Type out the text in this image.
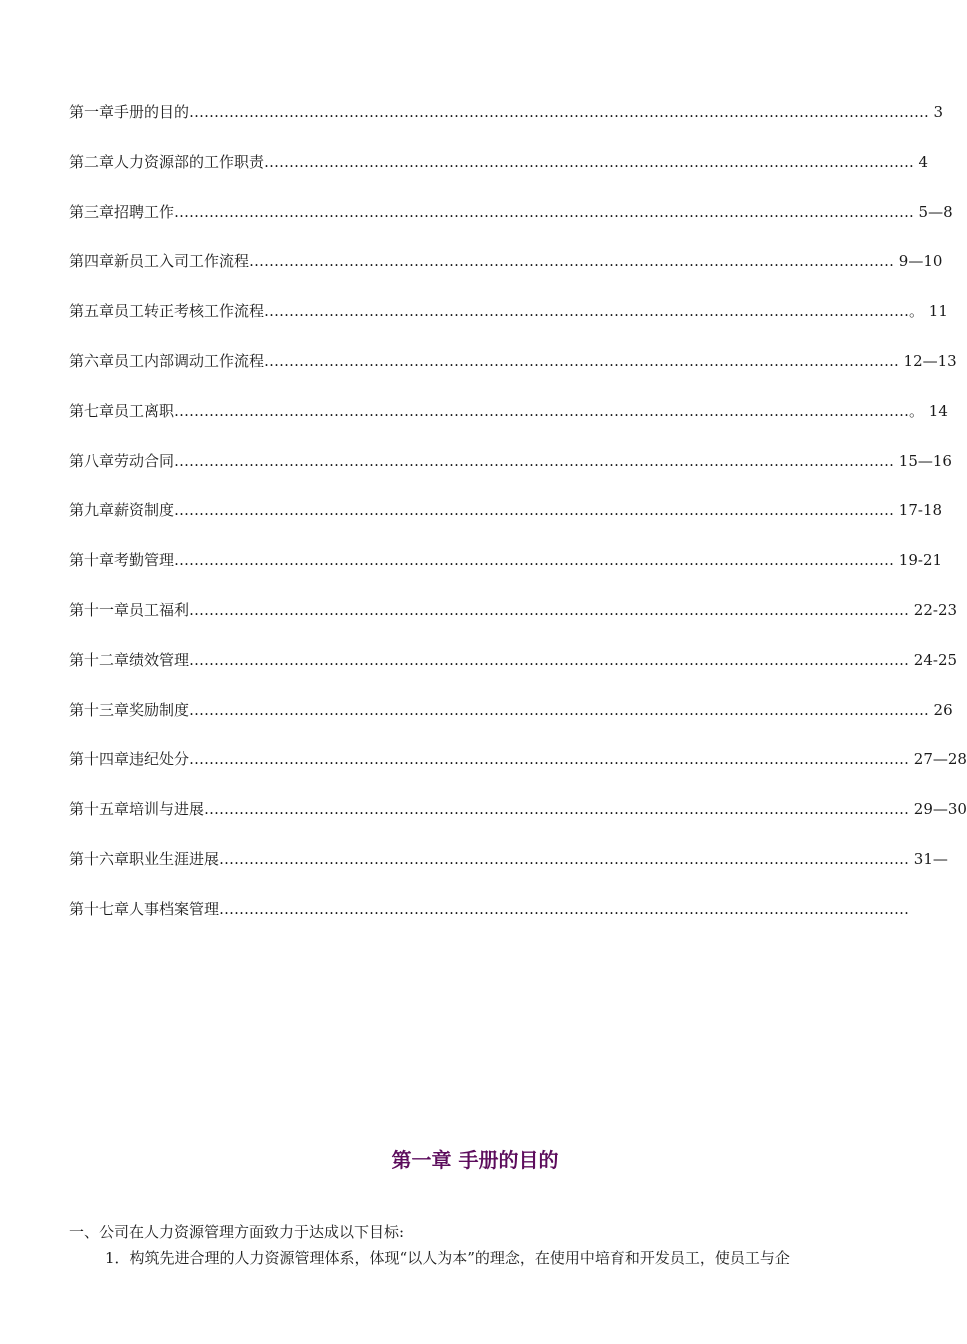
第一章手册的目的…………………………………………………………………………………………………………………………………. 3
第二章人力资源部的工作职责…………………………………………………………………………………………………………………. 4
第三章招聘工作…………………………………………………………………………………………………………………………………. 5—8
第四章新员工入司工作流程………………………………………………………………………………………………………………… 9—10
第五章员工转正考核工作流程…………………………………………………………………………………………………………………。 11
第六章员工内部调动工作流程………………………………………………………………………………………………………………. 12—13
第七章员工离职…………………………………………………………………………………………………………………………………。 14
第八章劳动合同……………………………………………………………………………………………………………………………… 15—16
第九章薪资制度……………………………………………………………………………………………………………………………… 17-18
第十章考勤管理……………………………………………………………………………………………………………………………… 19-21
第十一章员工福利……………………………………………………………………………………………………………………………… 22-23
第十二章绩效管理……………………………………………………………………………………………………………………………… 24-25
第十三章奖励制度…………………………………………………………………………………………………………………………………. 26
第十四章违纪处分……………………………………………………………………………………………………………………………… 27—28
第十五章培训与进展…………………………………………………………………………………………………………………………… 29—30
第十六章职业生涯进展………………………………………………………………………………………………………………………… 31—
第十七章人事档案管理…………………………………………………………………………………………………………………………
第一章 手册的目的
一、公司在人力资源管理方面致力于达成以下目标:
1．构筑先进合理的人力资源管理体系，体现“以人为本”的理念，在使用中培育和开发员工，使员工与企
